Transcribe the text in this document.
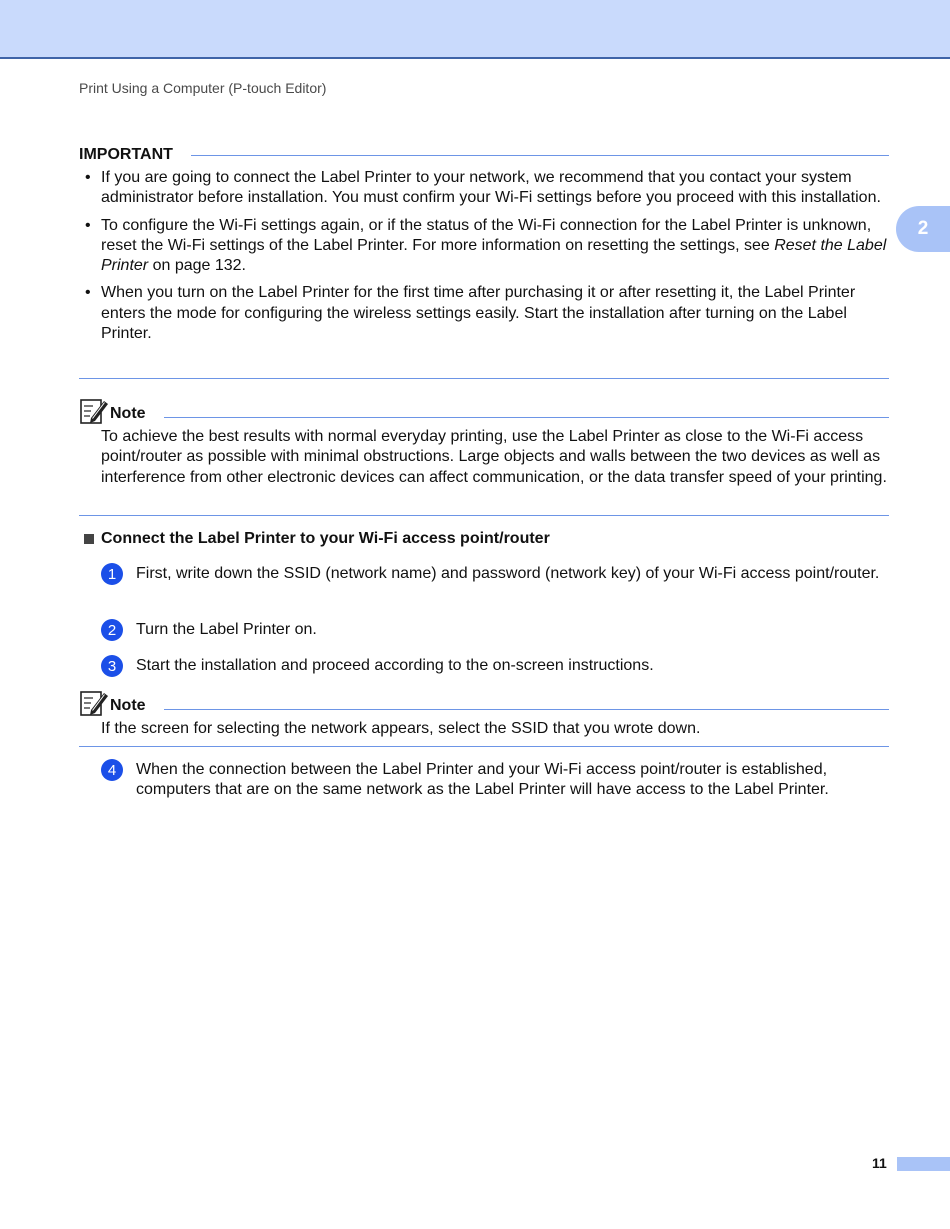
Print Using a Computer (P-touch Editor)
2
IMPORTANT
• If you are going to connect the Label Printer to your network, we recommend that you contact your system administrator before installation. You must confirm your Wi-Fi settings before you proceed with this installation.
• To configure the Wi-Fi settings again, or if the status of the Wi-Fi connection for the Label Printer is unknown, reset the Wi-Fi settings of the Label Printer. For more information on resetting the settings, see Reset the Label Printer on page 132.
• When you turn on the Label Printer for the first time after purchasing it or after resetting it, the Label Printer enters the mode for configuring the wireless settings easily. Start the installation after turning on the Label Printer.
Note
To achieve the best results with normal everyday printing, use the Label Printer as close to the Wi-Fi access point/router as possible with minimal obstructions. Large objects and walls between the two devices as well as interference from other electronic devices can affect communication, or the data transfer speed of your printing.
Connect the Label Printer to your Wi-Fi access point/router
1	First, write down the SSID (network name) and password (network key) of your Wi-Fi access point/router.
2	Turn the Label Printer on.
3	Start the installation and proceed according to the on-screen instructions.
Note
If the screen for selecting the network appears, select the SSID that you wrote down.
4	When the connection between the Label Printer and your Wi-Fi access point/router is established, computers that are on the same network as the Label Printer will have access to the Label Printer.
11
